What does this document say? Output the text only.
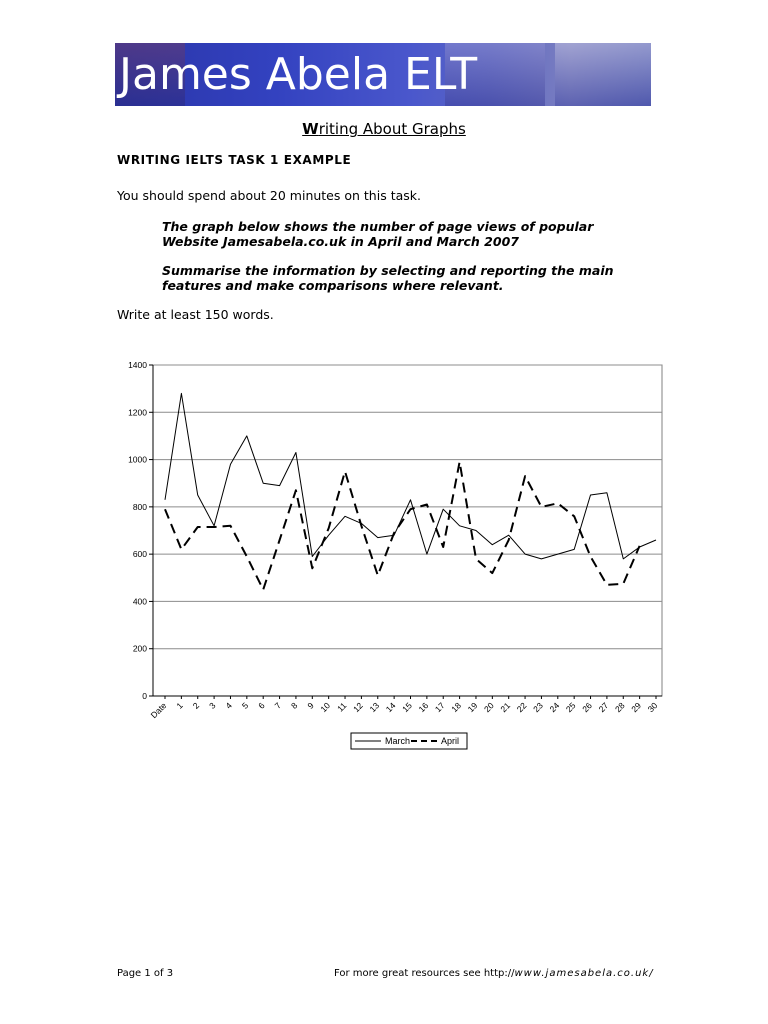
James Abela ELT
Writing About Graphs
WRITING IELTS TASK 1 EXAMPLE
You should spend about 20 minutes on this task.
The graph below shows the number of page views of popular
Website Jamesabela.co.uk in April and March 2007
Summarise the information by selecting and reporting the main
features and make comparisons where relevant.
Write at least 150 words.
0
200
400
600
800
1000
1200
1400
Date 1 2 3 4 5 6 7 8 9 10 11 12 13 14 15 16 17 18 19 20 21 22 23 24 25 26 27 28 29 30
March	April
Page 1 of 3	For more great resources see http://www.jamesabela.co.uk/
